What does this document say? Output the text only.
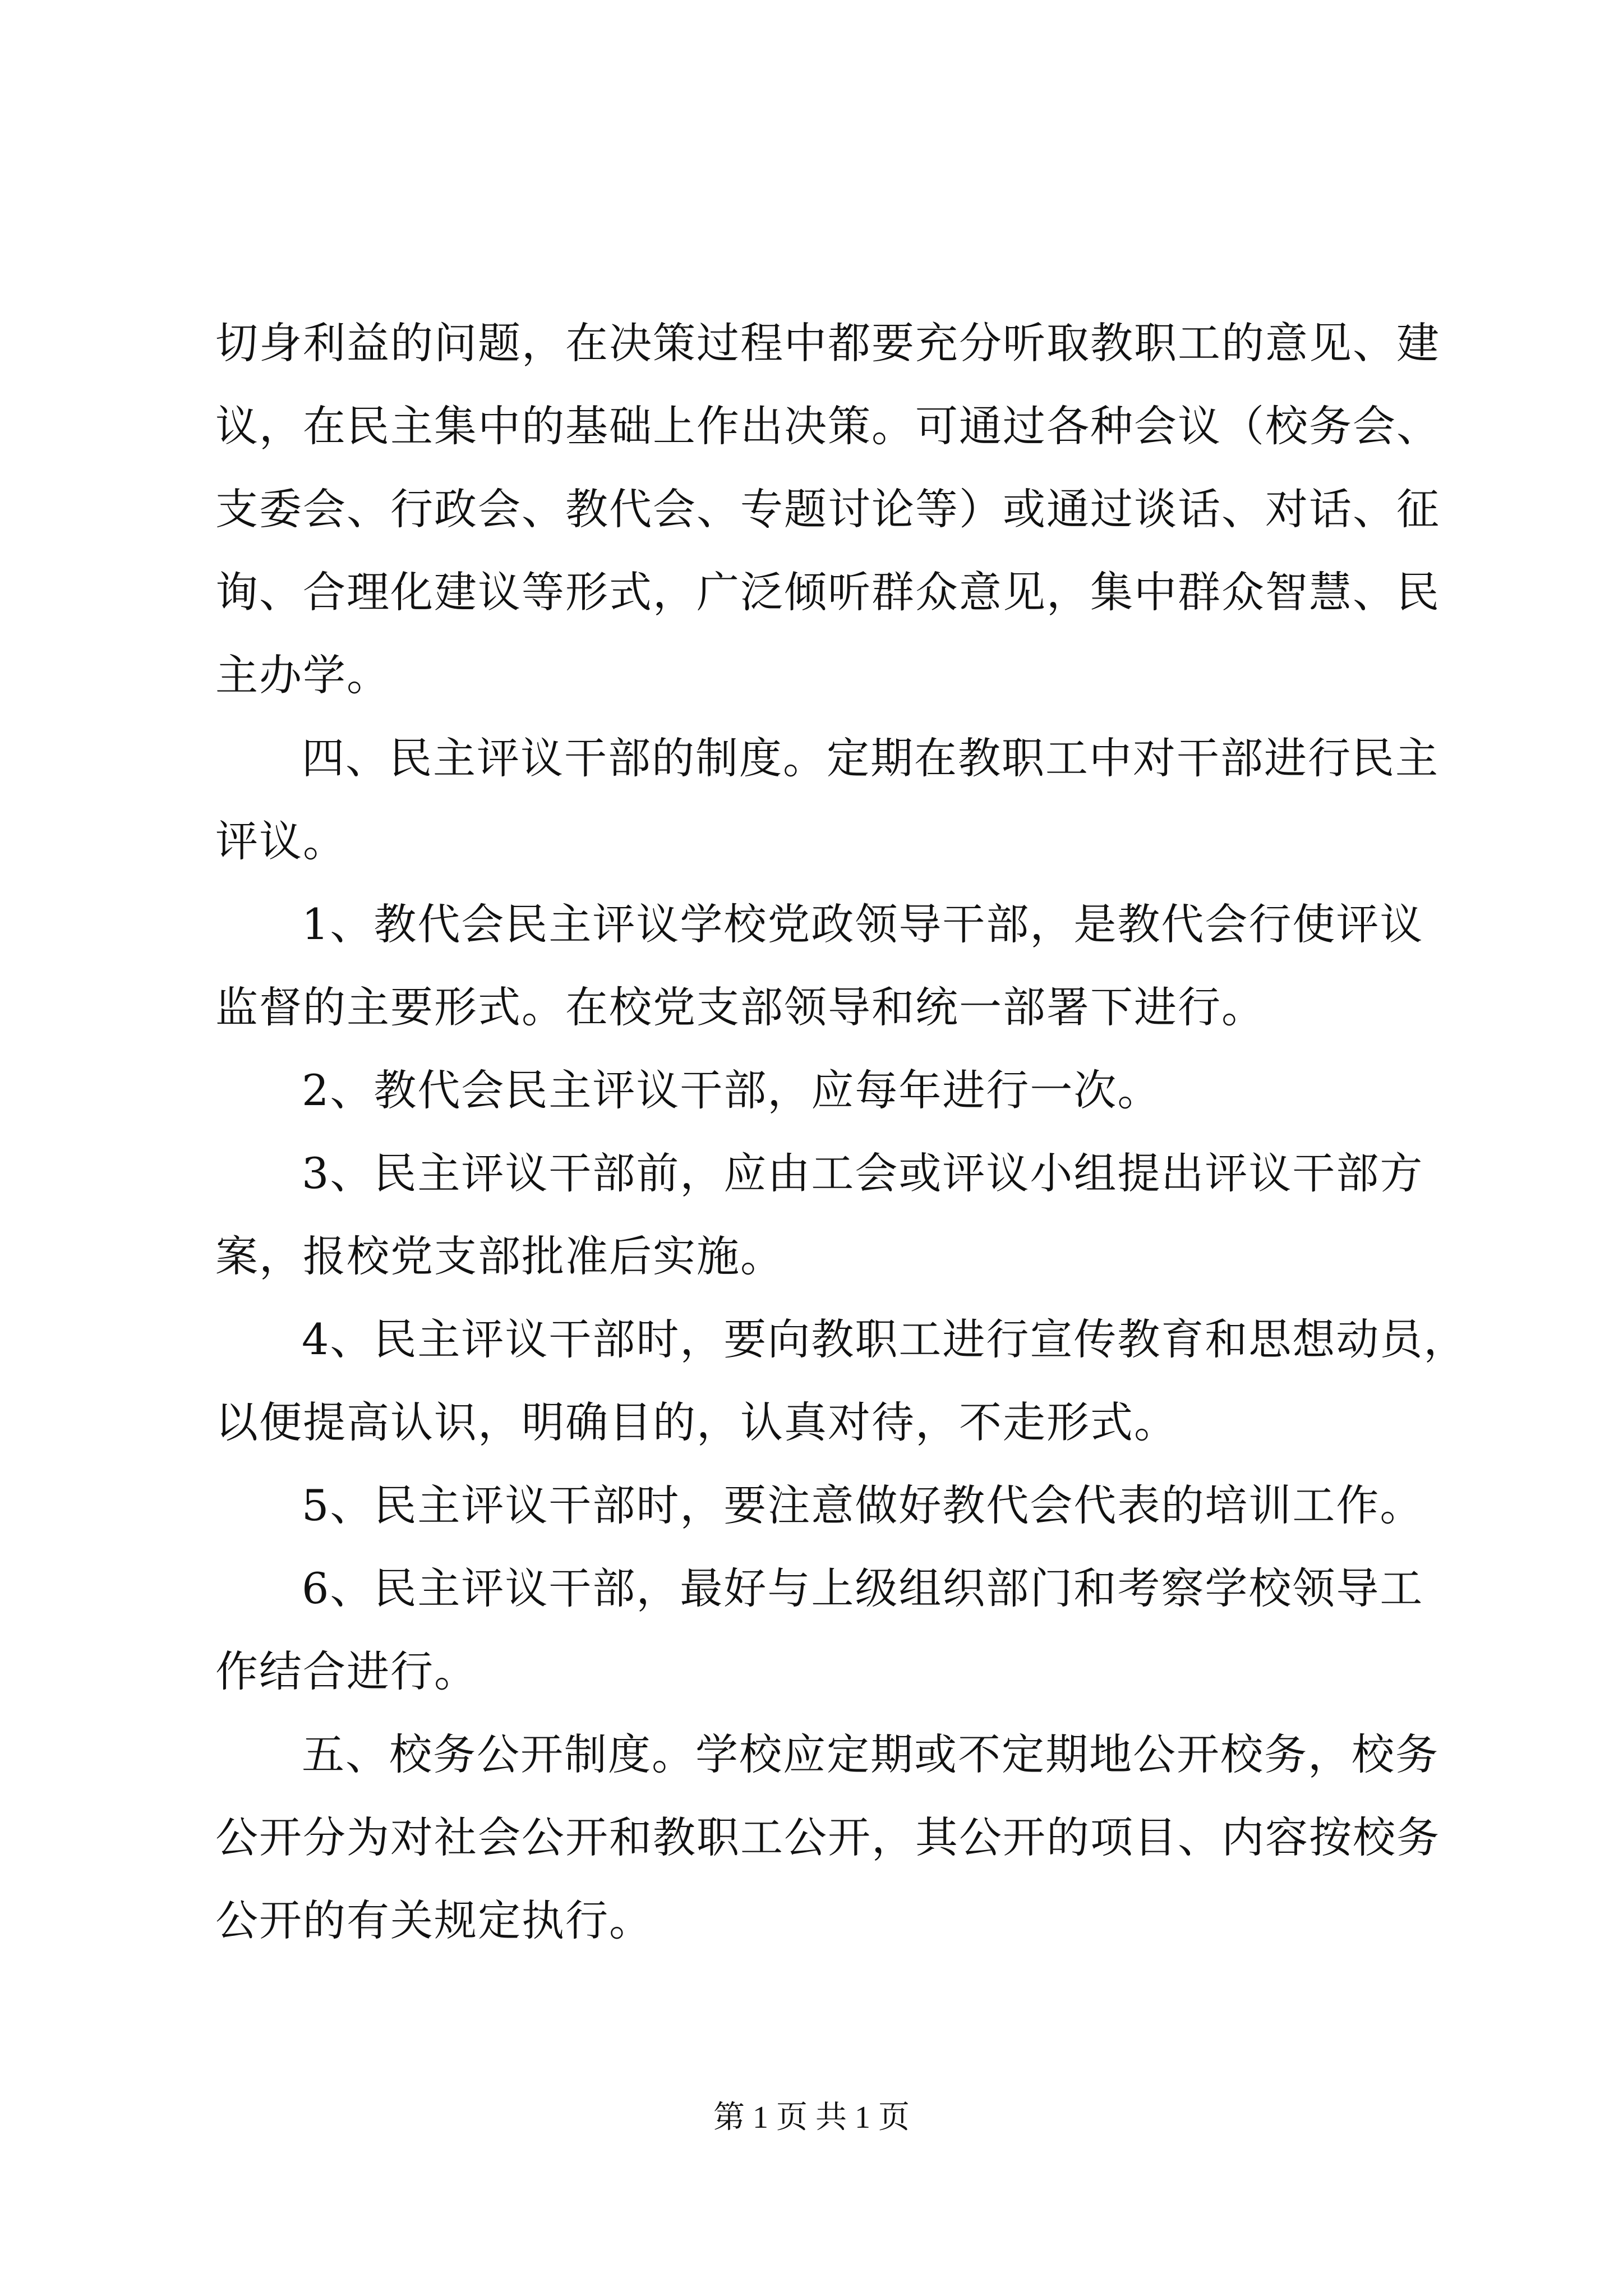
切身利益的问题，在决策过程中都要充分听取教职工的意见、建
议，在民主集中的基础上作出决策。可通过各种会议（校务会、
支委会、行政会、教代会、专题讨论等）或通过谈话、对话、征
询、合理化建议等形式，广泛倾听群众意见，集中群众智慧、民
主办学。
四、民主评议干部的制度。定期在教职工中对干部进行民主
评议。
1、教代会民主评议学校党政领导干部，是教代会行使评议
监督的主要形式。在校党支部领导和统一部署下进行。
2、教代会民主评议干部，应每年进行一次。
3、民主评议干部前，应由工会或评议小组提出评议干部方
案，报校党支部批准后实施。
4、民主评议干部时，要向教职工进行宣传教育和思想动员，
以便提高认识，明确目的，认真对待，不走形式。
5、民主评议干部时，要注意做好教代会代表的培训工作。
6、民主评议干部，最好与上级组织部门和考察学校领导工
作结合进行。
五、校务公开制度。学校应定期或不定期地公开校务，校务
公开分为对社会公开和教职工公开，其公开的项目、内容按校务
公开的有关规定执行。
第 1 页 共 1 页
